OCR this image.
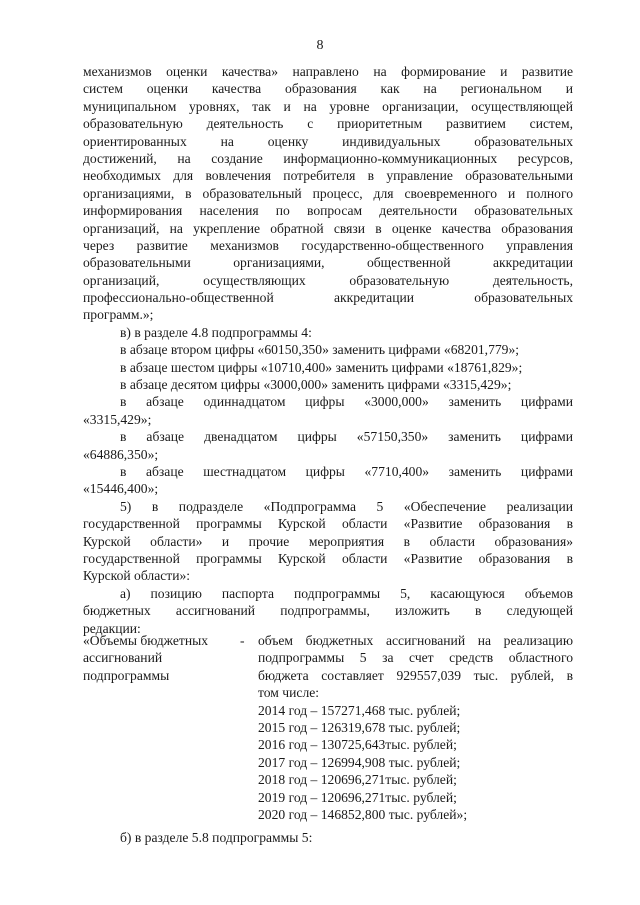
8
механизмов оценки качества» направлено на формирование и развитие
систем оценки качества образования как на региональном и
муниципальном уровнях, так и на уровне организации, осуществляющей
образовательную деятельность с приоритетным развитием систем,
ориентированных на оценку индивидуальных образовательных
достижений, на создание информационно-коммуникационных ресурсов,
необходимых для вовлечения потребителя в управление образовательными
организациями, в образовательный процесс, для своевременного и полного
информирования населения по вопросам деятельности образовательных
организаций, на укрепление обратной связи в оценке качества образования
через развитие механизмов государственно-общественного управления
образовательными организациями, общественной аккредитации
организаций, осуществляющих образовательную деятельность,
профессионально-общественной аккредитации образовательных
программ.»;
в) в разделе 4.8 подпрограммы 4:
в абзаце втором цифры «60150,350» заменить цифрами «68201,779»;
в абзаце шестом цифры «10710,400» заменить цифрами «18761,829»;
в абзаце десятом цифры «3000,000» заменить цифрами «3315,429»;
в абзаце одиннадцатом цифры «3000,000» заменить цифрами
«3315,429»;
в абзаце двенадцатом цифры «57150,350» заменить цифрами
«64886,350»;
в абзаце шестнадцатом цифры «7710,400» заменить цифрами
«15446,400»;
5) в подразделе «Подпрограмма 5 «Обеспечение реализации
государственной программы Курской области «Развитие образования в
Курской области» и прочие мероприятия в области образования»
государственной программы Курской области «Развитие образования в
Курской области»:
а) позицию паспорта подпрограммы 5, касающуюся объемов
бюджетных ассигнований подпрограммы, изложить в следующей
редакции:
«Объемы бюджетных
ассигнований
подпрограммы
- объем бюджетных ассигнований на реализацию
подпрограммы 5 за счет средств областного
бюджета составляет 929557,039 тыс. рублей, в
том числе:
2014 год – 157271,468 тыс. рублей;
2015 год – 126319,678 тыс. рублей;
2016 год – 130725,643тыс. рублей;
2017 год – 126994,908 тыс. рублей;
2018 год – 120696,271тыс. рублей;
2019 год – 120696,271тыс. рублей;
2020 год – 146852,800 тыс. рублей»;
б) в разделе 5.8 подпрограммы 5:
